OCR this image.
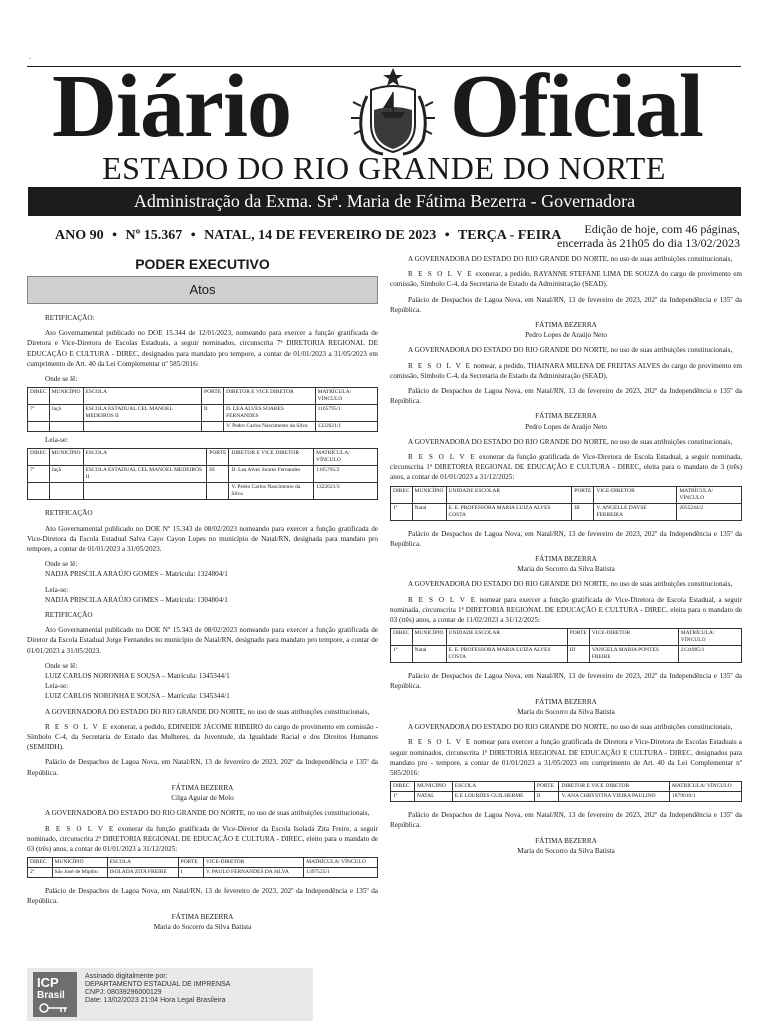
.
Diário Oficial
ESTADO DO RIO GRANDE DO NORTE
Administração da Exma. Srª. Maria de Fátima Bezerra - Governadora
ANO 90 • Nº 15.367 • NATAL, 14 DE FEVEREIRO DE 2023 • TERÇA - FEIRA	Edição de hoje, com 46 páginas,
encerrada às 21h05 do dia 13/02/2023
PODER EXECUTIVO
Atos

RETIFICAÇÃO:

Ato Governamental publicado no DOE 15.344 de 12/01/2023, nomeando para exercer a função gratificada de Diretora e Vice-Diretora de Escolas Estaduais, a seguir nominados, circunscrita 7ª DIRETORIA REGIONAL DE EDUCAÇÃO E CULTURA - DIREC, designados para mandato pro tempore, a contar de 01/01/2023 a 31/05/2023 em cumprimento de Art. 40 da Lei Complementar nº 585/2016:

Onde se lê:

DIREC	MUNICÍPIO	ESCOLA	PORTE	DIRETOR E VICE DIRETOR	MATRÍCULA/ VÍNCULO
7ª	Jaçã	ESCOLA ESTADUAL CEL MANOEL MEDEIROS II	II	D. LEA ALVES SOARES FERNANDES	1105795/1
				V. Pedro Carlos Nascimento da Silva	1322621/1

Leia-se:

DIREC	MUNICÍPIO	ESCOLA	PORTE	DIRETOR E VICE DIRETOR	MATRÍCULA/ VÍNCULO
7ª	Jaçã	ESCOLA ESTADUAL CEL MANOEL MEDEIROS II	III	D. Lea Alves Soares Fernandes	1105795/2
				V. Pedro Carlos Nascimento da Silva	1322621/3

RETIFICAÇÃO

Ato Governamental publicado no DOE Nº 15.343 de 08/02/2023 nomeando para exercer a função gratificada de Vice-Diretora da Escola Estadual Salva Cayo Cayon Lopes no município de Natal/RN, designada para mandato pro tempore, a contar de 01/01/2023 a 31/05/2023.

Onde se lê:

NADJA PRISCILA ARAÚJO GOMES – Matrícula: 1324804/1

Leia-se:

NADJA PRISCILA ARAÚJO GOMES – Matrícula: 1304804/1

RETIFICAÇÃO

Ato Governamental publicado no DOE Nº 15.343 de 08/02/2023 nomeando para exercer a função gratificada de Diretor da Escola Estadual Jorge Fernandes no município de Natal/RN, designado para mandato pro tempore, a contar de 01/01/2023 a 31/05/2023.

Onde se lê:

LUIZ CARLOS NORONHA E SOUSA – Matrícula: 1345344/1

Leia-se:

LUIZ CARLOS NORONHA E SOUSA – Matrícula: 1345344/1

A GOVERNADORA DO ESTADO DO RIO GRANDE DO NORTE, no uso de suas atribuições constitucionais,

R E S O L V E exonerar, a pedido, EDINEIDE JÁCOME RIBEIRO do cargo de provimento em comissão - Símbolo C-4, da Secretaria de Estado das Mulheres, da Juventude, da Igualdade Racial e dos Direitos Humanos (SEMJIDH).

Palácio de Despachos de Lagoa Nova, em Natal/RN, 13 de fevereiro de 2023, 202º da Independência e 135º da República.

FÁTIMA BEZERRA

Cilga Aguiar de Melo

A GOVERNADORA DO ESTADO DO RIO GRANDE DO NORTE, no uso de suas atribuições constitucionais,

R E S O L V E exonerar da função gratificada de Vice-Diretor da Escola Isolada Zita Freire, a seguir nominado, circunscrita 2ª DIRETORIA REGIONAL DE EDUCAÇÃO E CULTURA - DIREC, eleito para o mandato de 03 (três) anos, a contar de 01/01/2023 a 31/12/2025:

DIREC	MUNICÍPIO	ESCOLA	PORTE	VICE-DIRETOR	MATRÍCULA/ VÍNCULO
2ª	São José de Mipibu	ISOLADA ZITA FREIRE	I	V. PAULO FERNANDES DA SILVA	1397525/1

Palácio de Despachos de Lagoa Nova, em Natal/RN, 13 de fevereiro de 2023, 202º da Independência e 135º da República.

FÁTIMA BEZERRA

Maria do Socorro da Silva Batista

A GOVERNADORA DO ESTADO DO RIO GRANDE DO NORTE, no uso de suas atribuições constitucionais,

R E S O L V E exonerar, a pedido, RAYANNE STEFANE LIMA DE SOUZA do cargo de provimento em comissão, Símbolo C-4, da Secretaria de Estado da Administração (SEAD).

Palácio de Despachos de Lagoa Nova, em Natal/RN, 13 de fevereiro de 2023, 202º da Independência e 135º da República.

FÁTIMA BEZERRA

Pedro Lopes de Araújo Neto

A GOVERNADORA DO ESTADO DO RIO GRANDE DO NORTE, no uso de suas atribuições constitucionais,

R E S O L V E nomear, a pedido, THAINARA MILENA DE FREITAS ALVES do cargo de provimento em comissão, Símbolo C-4, da Secretaria de Estado da Administração (SEAD).

Palácio de Despachos de Lagoa Nova, em Natal/RN, 13 de fevereiro de 2023, 202º da Independência e 135º da República.

FÁTIMA BEZERRA

Pedro Lopes de Araújo Neto

A GOVERNADORA DO ESTADO DO RIO GRANDE DO NORTE, no uso de suas atribuições constitucionais,

R E S O L V E exonerar da função gratificada de Vice-Diretora de Escola Estadual, a seguir nominada, circunscrita 1ª DIRETORIA REGIONAL DE EDUCAÇÃO E CULTURA - DIREC, eleita para o mandato de 3 (três) anos, a contar de 01/01/2023 a 31/12/2025:

DIREC	MUNICÍPIO	UNIDADE ESCOLAR	PORTE	VICE-DIRETOR	MATRÍCULA/ VÍNCULO
1ª	Natal	E. E. PROFESSORA MARIA LUIZA ALVES COSTA	III	V. ANGELLE DAYSE FERREIRA	2055244/2

Palácio de Despachos de Lagoa Nova, em Natal/RN, 13 de fevereiro de 2023, 202º da Independência e 135º da República.

FÁTIMA BEZERRA

Maria do Socorro da Silva Batista

A GOVERNADORA DO ESTADO DO RIO GRANDE DO NORTE, no uso de suas atribuições constitucionais,

R E S O L V E nomear para exercer a função gratificada de Vice-Diretora de Escola Estadual, a seguir nominada, circunscrita 1ª DIRETORIA REGIONAL DE EDUCAÇÃO E CULTURA - DIREC, eleita para o mandato de 03 (três) anos, a contar de 11/02/2023 a 31/12/2025:

DIREC	MUNICÍPIO	UNIDADE ESCOLAR	PORTE	VICE-DIRETOR	MATRÍCULA/ VÍNCULO
1ª	Natal	E. E. PROFESSORA MARIA LUIZA ALVES COSTA	III	VANGELA MARIA PONTES FREIRE	2134985/1

Palácio de Despachos de Lagoa Nova, em Natal/RN, 13 de fevereiro de 2023, 202º da Independência e 135º da República.

FÁTIMA BEZERRA

Maria do Socorro da Silva Batista

A GOVERNADORA DO ESTADO DO RIO GRANDE DO NORTE, no uso de suas atribuições constitucionais,

R E S O L V E nomear para exercer a função gratificada de Diretora e Vice-Diretora de Escolas Estaduais a seguir nominados, circunscrita 1ª DIRETORIA REGIONAL DE EDUCAÇÃO E CULTURA - DIREC, designados para mandato pro - tempore, a contar de 01/01/2023 a 31/05/2023 em cumprimento de Art. 40 da Lei Complementar nº 585/2016:

DIREC	MUNICÍPIO	ESCOLA	PORTE	DIRETOR E VICE DIRETOR	MATRÍCULA/ VÍNCULO
1ª	NATAL	E.E LOURDES GUILHERME	II	V. ANA CHRYSTINA VIEIRA PAULINO	1879010/1

Palácio de Despachos de Lagoa Nova, em Natal/RN, 13 de fevereiro de 2023, 202º da Independência e 135º da República.

FÁTIMA BEZERRA

Maria do Socorro da Silva Batista

ICP
Brasil
Assinado digitalmente por:
DEPARTAMENTO ESTADUAL DE IMPRENSA
CNPJ: 08039296000129
Date: 13/02/2023 21:04 Hora Legal Brasileira
